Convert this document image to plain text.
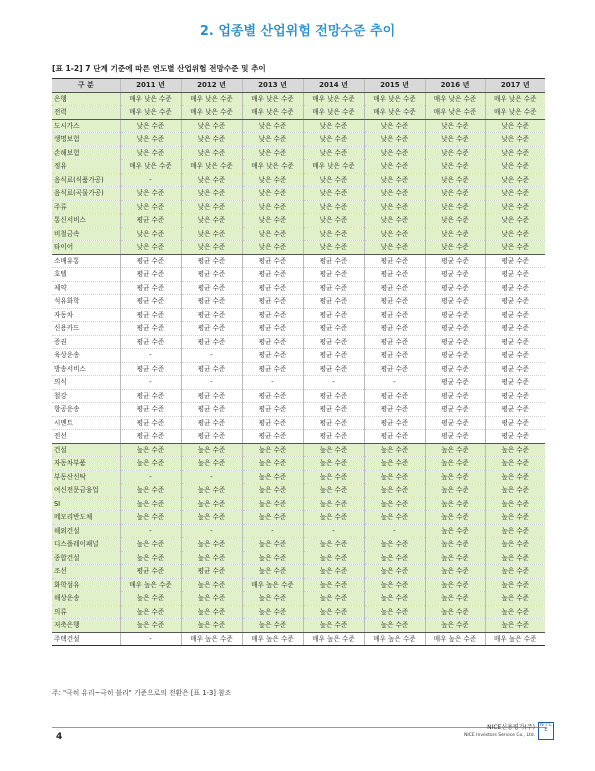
2. 업종별 산업위험 전망수준 추이
[표 1-2] 7 단계 기준에 따른 연도별 산업위험 전망수준 및 추이
구 분	2011 년	2012 년	2013 년	2014 년	2015 년	2016 년	2017 년
은행	매우 낮은 수준	매우 낮은 수준	매우 낮은 수준	매우 낮은 수준	매우 낮은 수준	매우 낮은 수준	매우 낮은 수준
전력	매우 낮은 수준	매우 낮은 수준	매우 낮은 수준	매우 낮은 수준	매우 낮은 수준	매우 낮은 수준	매우 낮은 수준
도시가스	낮은 수준	낮은 수준	낮은 수준	낮은 수준	낮은 수준	낮은 수준	낮은 수준
생명보험	낮은 수준	낮은 수준	낮은 수준	낮은 수준	낮은 수준	낮은 수준	낮은 수준
손해보험	낮은 수준	낮은 수준	낮은 수준	낮은 수준	낮은 수준	낮은 수준	낮은 수준
정유	매우 낮은 수준	매우 낮은 수준	매우 낮은 수준	매우 낮은 수준	낮은 수준	낮은 수준	낮은 수준
음식료(식품가공)	-	낮은 수준	낮은 수준	낮은 수준	낮은 수준	낮은 수준	낮은 수준
음식료(곡물가공)	낮은 수준	낮은 수준	낮은 수준	낮은 수준	낮은 수준	낮은 수준	낮은 수준
주류	낮은 수준	낮은 수준	낮은 수준	낮은 수준	낮은 수준	낮은 수준	낮은 수준
통신서비스	평균 수준	낮은 수준	낮은 수준	낮은 수준	낮은 수준	낮은 수준	낮은 수준
비철금속	낮은 수준	낮은 수준	낮은 수준	낮은 수준	낮은 수준	낮은 수준	낮은 수준
타이어	낮은 수준	낮은 수준	낮은 수준	낮은 수준	낮은 수준	낮은 수준	낮은 수준
소매유통	평균 수준	평균 수준	평균 수준	평균 수준	평균 수준	평균 수준	평균 수준
호텔	평균 수준	평균 수준	평균 수준	평균 수준	평균 수준	평균 수준	평균 수준
제약	평균 수준	평균 수준	평균 수준	평균 수준	평균 수준	평균 수준	평균 수준
석유화학	평균 수준	평균 수준	평균 수준	평균 수준	평균 수준	평균 수준	평균 수준
자동차	평균 수준	평균 수준	평균 수준	평균 수준	평균 수준	평균 수준	평균 수준
신용카드	평균 수준	평균 수준	평균 수준	평균 수준	평균 수준	평균 수준	평균 수준
증권	평균 수준	평균 수준	평균 수준	평균 수준	평균 수준	평균 수준	평균 수준
육상운송	-	-	평균 수준	평균 수준	평균 수준	평균 수준	평균 수준
방송서비스	평균 수준	평균 수준	평균 수준	평균 수준	평균 수준	평균 수준	평균 수준
의식	-	-	-	-	-	평균 수준	평균 수준
철강	평균 수준	평균 수준	평균 수준	평균 수준	평균 수준	평균 수준	평균 수준
항공운송	평균 수준	평균 수준	평균 수준	평균 수준	평균 수준	평균 수준	평균 수준
시멘트	평균 수준	평균 수준	평균 수준	평균 수준	평균 수준	평균 수준	평균 수준
전선	평균 수준	평균 수준	평균 수준	평균 수준	평균 수준	평균 수준	평균 수준
건설	높은 수준	높은 수준	높은 수준	높은 수준	높은 수준	높은 수준	높은 수준
자동차부품	높은 수준	높은 수준	높은 수준	높은 수준	높은 수준	높은 수준	높은 수준
부동산신탁	-	-	높은 수준	높은 수준	높은 수준	높은 수준	높은 수준
여신전문금융업	높은 수준	높은 수준	높은 수준	높은 수준	높은 수준	높은 수준	높은 수준
SI	높은 수준	높은 수준	높은 수준	높은 수준	높은 수준	높은 수준	높은 수준
메모리반도체	높은 수준	높은 수준	높은 수준	높은 수준	높은 수준	높은 수준	높은 수준
해외건설	-	-	-	-	-	높은 수준	높은 수준
디스플레이패널	높은 수준	높은 수준	높은 수준	높은 수준	높은 수준	높은 수준	높은 수준
종합건설	높은 수준	높은 수준	높은 수준	높은 수준	높은 수준	높은 수준	높은 수준
조선	평균 수준	평균 수준	높은 수준	높은 수준	높은 수준	높은 수준	높은 수준
화학섬유	매우 높은 수준	높은 수준	매우 높은 수준	높은 수준	높은 수준	높은 수준	높은 수준
해상운송	높은 수준	높은 수준	높은 수준	높은 수준	높은 수준	높은 수준	높은 수준
의류	높은 수준	높은 수준	높은 수준	높은 수준	높은 수준	높은 수준	높은 수준
저축은행	높은 수준	높은 수준	높은 수준	높은 수준	높은 수준	높은 수준	높은 수준
주택건설	-	매우 높은 수준	매우 높은 수준	매우 높은 수준	매우 높은 수준	매우 높은 수준	매우 높은 수준
주: "극히 유리~극히 불리" 기준으로의 전환은 [표 1-3] 참조
4
NICE신용평가(주)
NICE Investors Service Co., Ltd.
N I C E
